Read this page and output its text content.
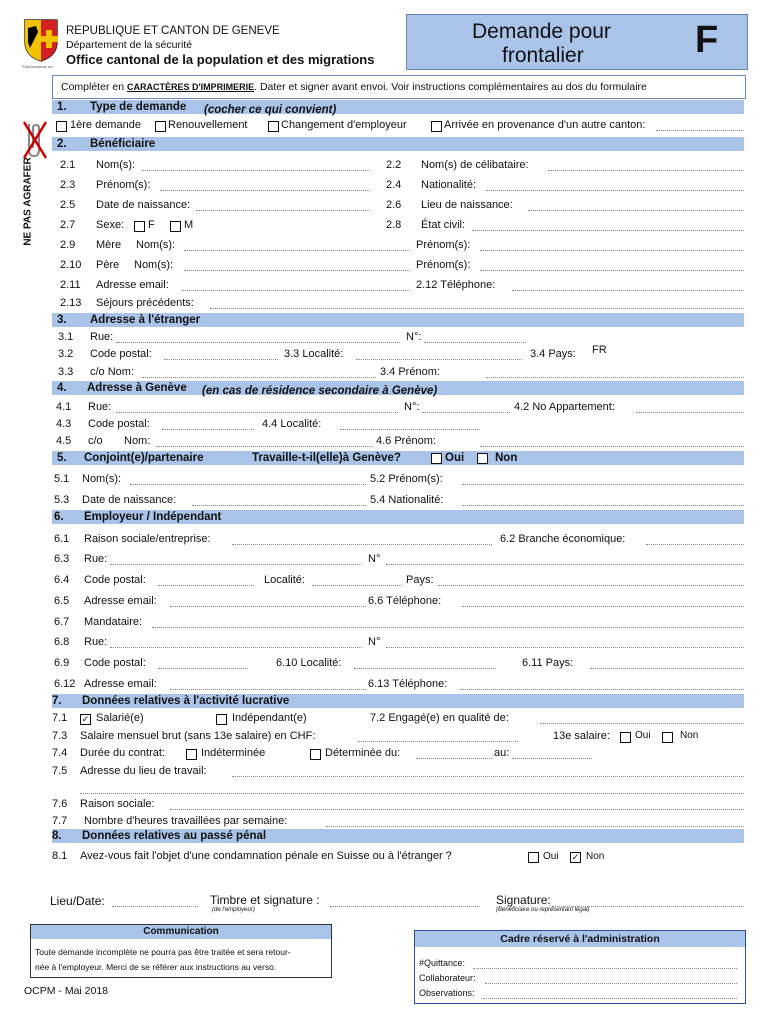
Post tenebras lux
REPUBLIQUE ET CANTON DE GENEVE
Département de la sécurité
Office cantonal de la population et des migrations
Demande pour
frontalier	F
Compléter en CARACTÈRES D'IMPRIMERIE. Dater et signer avant envoi. Voir instructions complémentaires au dos du formulaire
NE PAS AGRAFER
1. Type de demande (cocher ce qui convient)
1ère demande Renouvellement	Changement d'employeur	Arrivée en provenance d'un autre canton:
2. Bénéficiaire
2.1 Nom(s):	2.2 Nom(s) de célibataire:
2.3 Prénom(s):	2.4 Nationalité:
2.5 Date de naissance:	2.6 Lieu de naissance:
2.7 Sexe: F	M	2.8 État civil:
2.9 Mère Nom(s):	Prénom(s):
2.10 Père Nom(s):	Prénom(s):
2.11 Adresse email:	2.12 Téléphone:
2.13 Séjours précédents:
3. Adresse à l'étranger
3.1 Rue:	N°:
3.2 Code postal:	3.3 Localité:	3.4 Pays: FR
3.3 c/o Nom:	3.4 Prénom:
4. Adresse à Genève (en cas de résidence secondaire à Genève)
4.1 Rue:	N°:	4.2 No Appartement:
4.3 Code postal:	4.4 Localité:
4.5 c/o Nom:	4.6 Prénom:
5. Conjoint(e)/partenaire	Travaille-t-il(elle)à Genève?	Oui	Non
5.1 Nom(s):	5.2 Prénom(s):
5.3 Date de naissance:	5.4 Nationalité:
6. Employeur / Indépendant
6.1 Raison sociale/entreprise:	6.2 Branche économique:
6.3 Rue:	N°
6.4 Code postal:	Localité:	Pays:
6.5 Adresse email:	6.6 Téléphone:
6.7 Mandataire:
6.8 Rue:	N°
6.9 Code postal:	6.10 Localité:	6.11 Pays:
6.12 Adresse email:	6.13 Téléphone:
7. Données relatives à l'activité lucrative
7.1 ✓ Salarié(e)	Indépendant(e)	7.2 Engagé(e) en qualité de:
7.3 Salaire mensuel brut (sans 13e salaire) en CHF:	13e salaire:	Oui	Non
7.4 Durée du contrat:	Indéterminée	Déterminée du:	au:
7.5 Adresse du lieu de travail:
7.6 Raison sociale:
7.7 Nombre d'heures travaillées par semaine:
8. Données relatives au passé pénal
8.1 Avez-vous fait l'objet d'une condamnation pénale en Suisse ou à l'étranger ?	Oui ✓ Non
Lieu/Date:	Timbre et signature :
(de l'employeur)
Signature:
(Bénéficiaire ou représentant légal)
Communication
Toute demande incomplète ne pourra pas être traitée et sera retour-
née à l'employeur. Merci de se référer aux instructions au verso.
Cadre réservé à l'administration
#Quittance:
Collaborateur:
Observations:
OCPM - Mai 2018
